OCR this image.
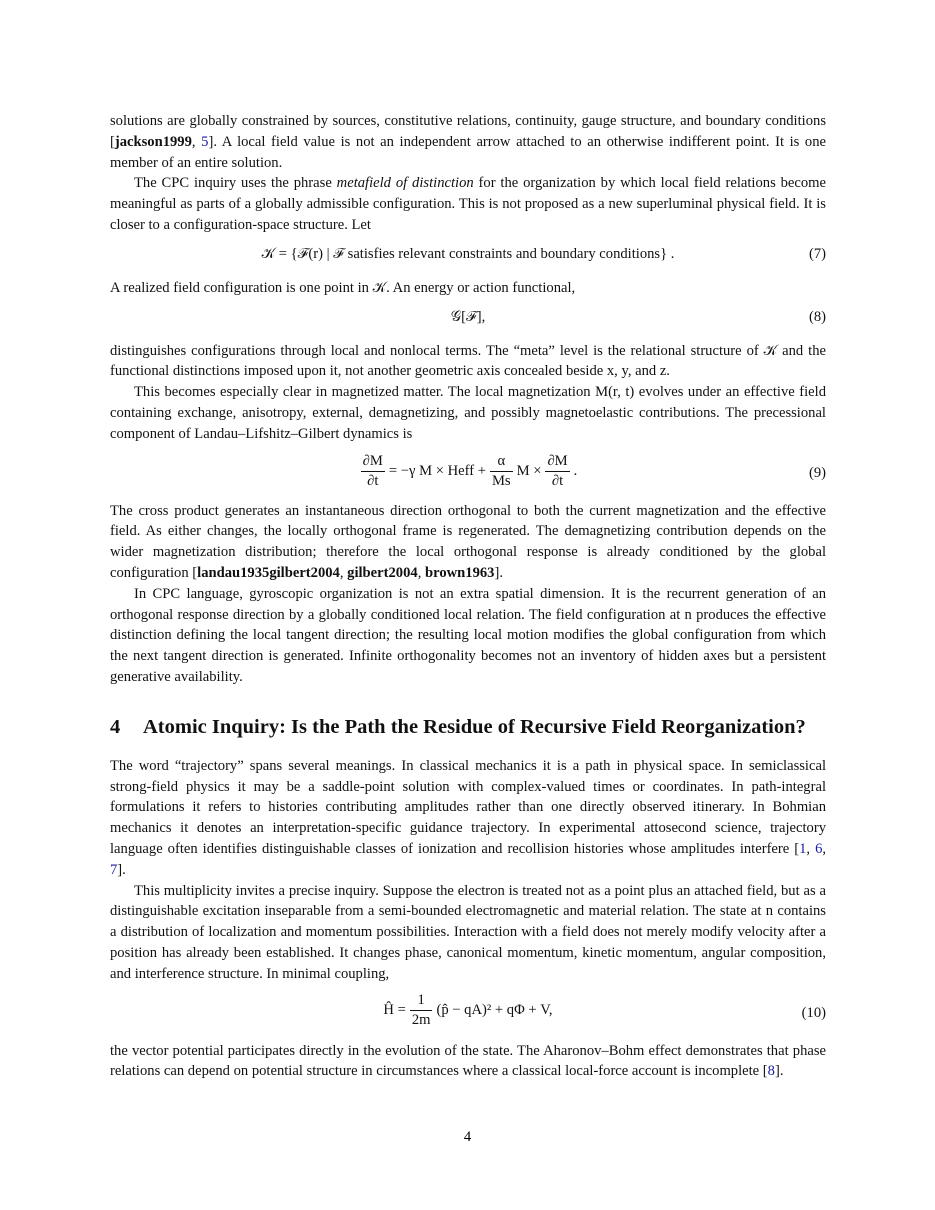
solutions are globally constrained by sources, constitutive relations, continuity, gauge structure, and boundary conditions [jackson1999, 5]. A local field value is not an independent arrow attached to an otherwise indifferent point. It is one member of an entire solution.

The CPC inquiry uses the phrase metafield of distinction for the organization by which local field relations become meaningful as parts of a globally admissible configuration. This is not proposed as a new superluminal physical field. It is closer to a configuration-space structure. Let

𝒦 = {ℱ(r) | ℱ satisfies relevant constraints and boundary conditions} .	(7)

A realized field configuration is one point in 𝒦. An energy or action functional,

𝒢[ℱ],	(8)

distinguishes configurations through local and nonlocal terms. The “meta” level is the relational structure of 𝒦 and the functional distinctions imposed upon it, not another geometric axis concealed beside x, y, and z.

This becomes especially clear in magnetized matter. The local magnetization M(r, t) evolves under an effective field containing exchange, anisotropy, external, demagnetizing, and possibly magnetoelastic contributions. The precessional component of Landau–Lifshitz–Gilbert dynamics is

$\frac{\partial M}{\partial t} = -\gamma$ M × Heff + $\frac{\alpha}{Ms}$ $M \times \frac{\partial M}{\partial t}$ .	(9)

The cross product generates an instantaneous direction orthogonal to both the current magnetization and the effective field. As either changes, the locally orthogonal frame is regenerated. The demagnetizing contribution depends on the wider magnetization distribution; therefore the local orthogonal response is already conditioned by the global configuration [landau1935gilbert2004, gilbert2004, brown1963].

In CPC language, gyroscopic organization is not an extra spatial dimension. It is the recurrent generation of an orthogonal response direction by a globally conditioned local relation. The field configuration at n produces the effective distinction defining the local tangent direction; the resulting local motion modifies the global configuration from which the next tangent direction is generated. Infinite orthogonality becomes not an inventory of hidden axes but a persistent generative availability.

4 Atomic Inquiry: Is the Path the Residue of Recursive Field Reorganization?

The word “trajectory” spans several meanings. In classical mechanics it is a path in physical space. In semiclassical strong-field physics it may be a saddle-point solution with complex-valued times or coordinates. In path-integral formulations it refers to histories contributing amplitudes rather than one directly observed itinerary. In Bohmian mechanics it denotes an interpretation-specific guidance trajectory. In experimental attosecond science, trajectory language often identifies distinguishable classes of ionization and recollision histories whose amplitudes interfere [1, 6, 7].

This multiplicity invites a precise inquiry. Suppose the electron is treated not as a point plus an attached field, but as a distinguishable excitation inseparable from a semi-bounded electromagnetic and material relation. The state at n contains a distribution of localization and momentum possibilities. Interaction with a field does not merely modify velocity after a position has already been established. It changes phase, canonical momentum, kinetic momentum, angular composition, and interference structure. In minimal coupling,

Ĥ = $\frac{1}{2m}$ (p̂ − qA)² + qΦ + V,	(10)

the vector potential participates directly in the evolution of the state. The Aharonov–Bohm effect demonstrates that phase relations can depend on potential structure in circumstances where a classical local-force account is incomplete [8].

4
